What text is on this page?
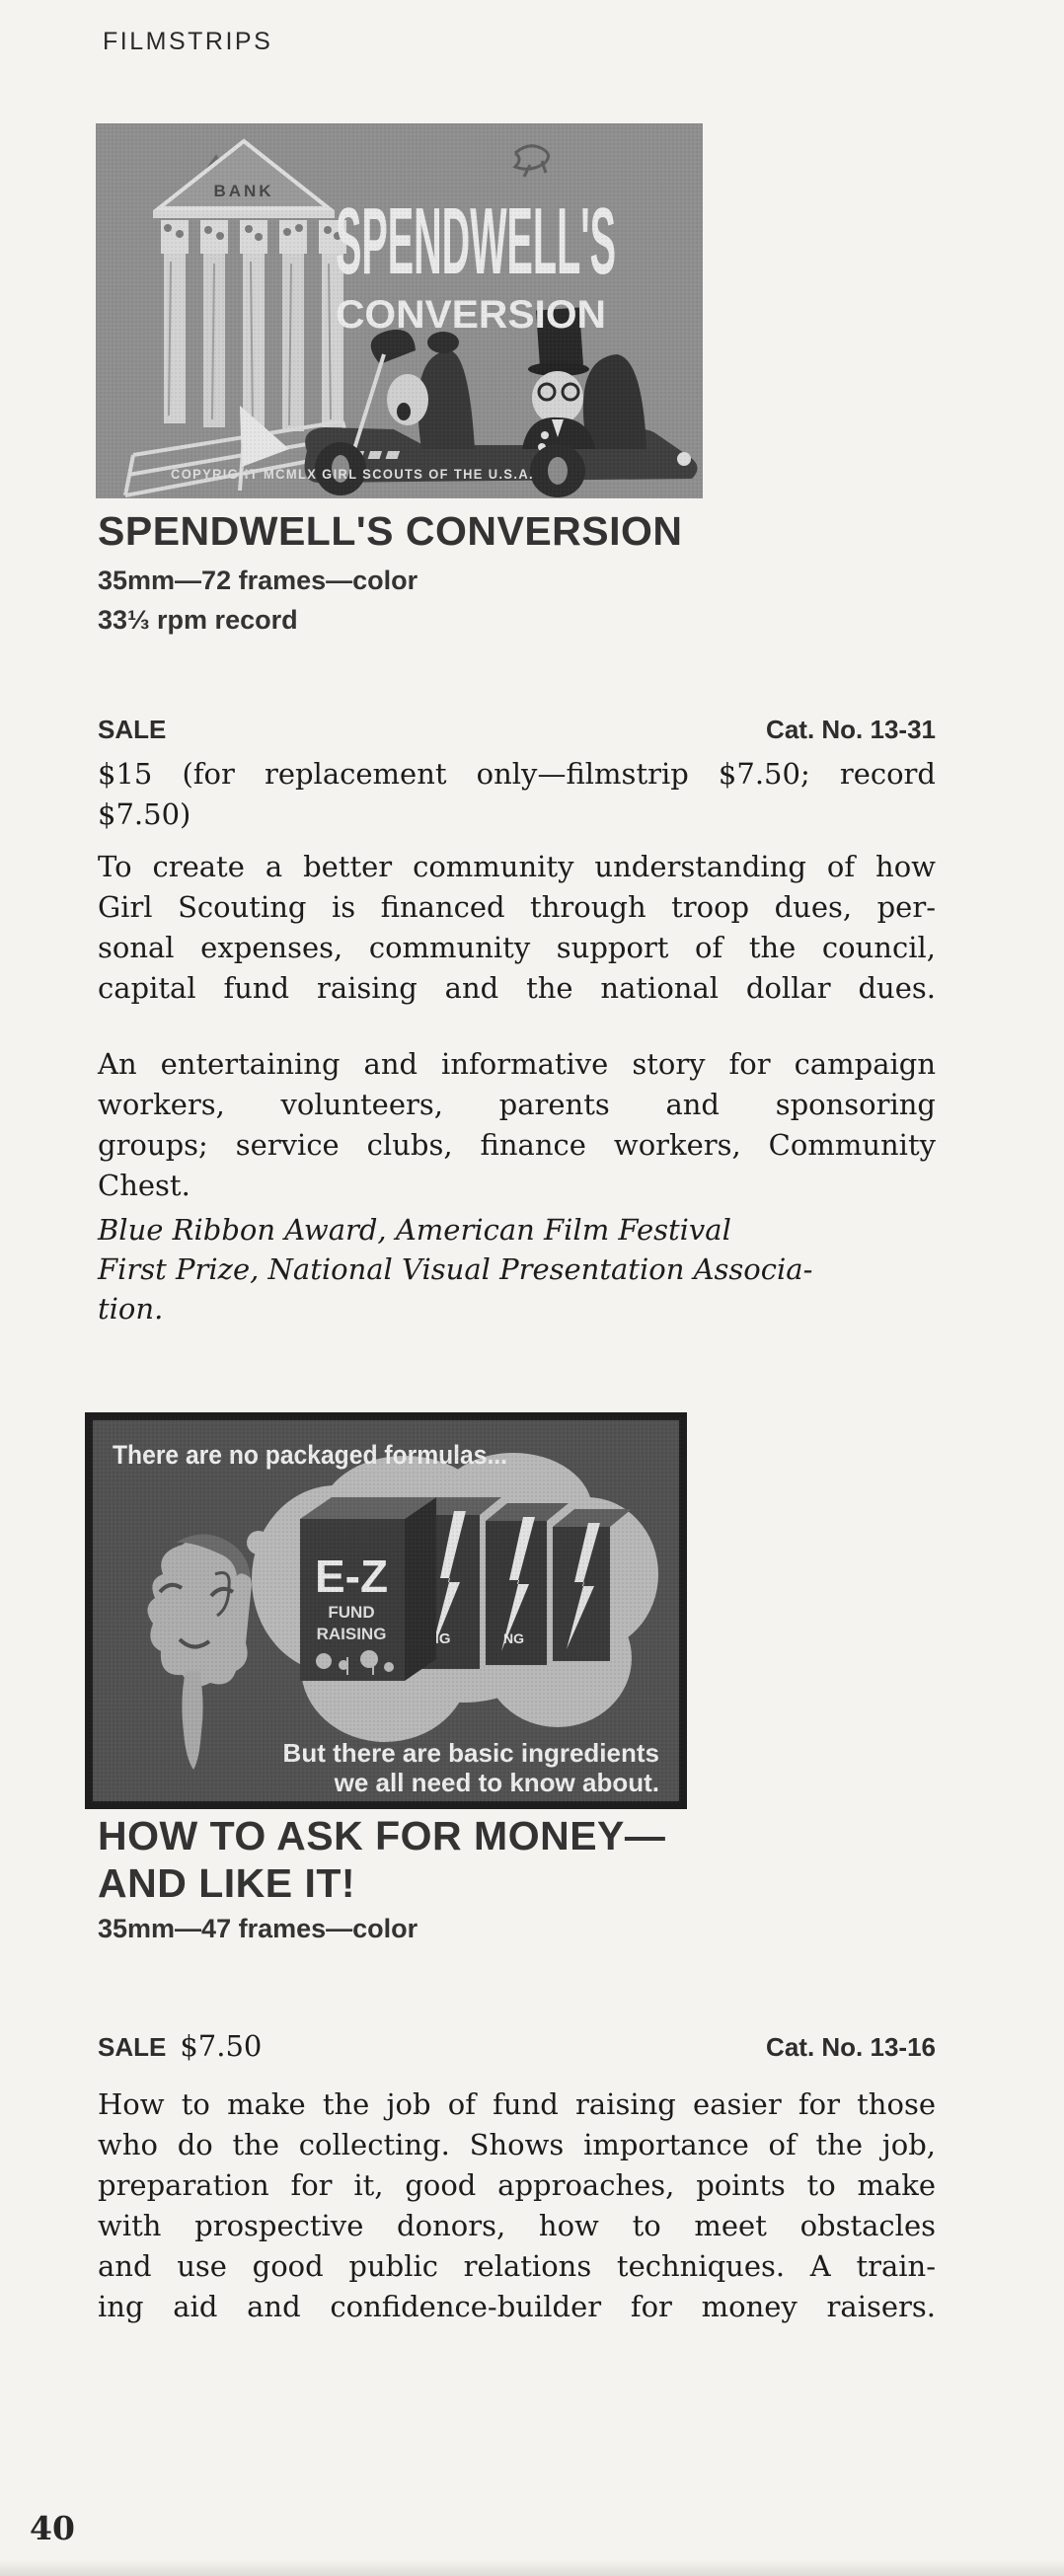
FILMSTRIPS
SPENDWELL'S CONVERSION
35mm—72 frames—color
33⅓ rpm record
SALE	Cat. No. 13-31
$15 (for replacement only—filmstrip $7.50; record
$7.50)
To create a better community understanding of how
Girl Scouting is financed through troop dues, per-
sonal expenses, community support of the council,
capital fund raising and the national dollar dues.
An entertaining and informative story for campaign
workers, volunteers, parents and sponsoring
groups; service clubs, finance workers, Community
Chest.
Blue Ribbon Award, American Film Festival
First Prize, National Visual Presentation Associa-
tion.
HOW TO ASK FOR MONEY—
AND LIKE IT!
35mm—47 frames—color
SALE $7.50	Cat. No. 13-16
How to make the job of fund raising easier for those
who do the collecting. Shows importance of the job,
preparation for it, good approaches, points to make
with prospective donors, how to meet obstacles
and use good public relations techniques. A train-
ing aid and confidence-builder for money raisers.
40
